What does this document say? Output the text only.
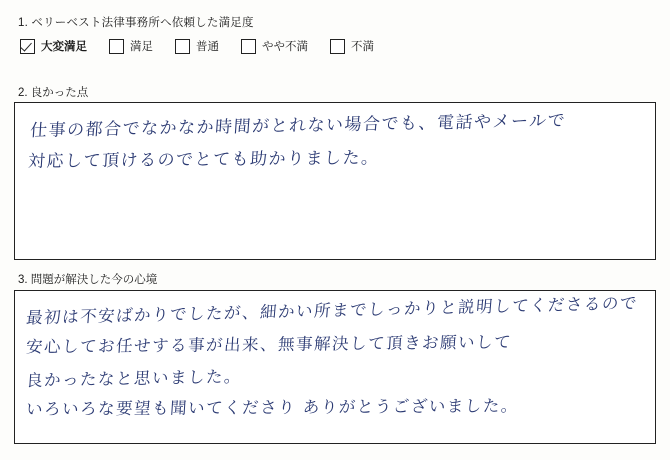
1. ベリーベスト法律事務所へ依頼した満足度
大変満足	満足	普通	やや不満	不満
2. 良かった点
仕事の都合でなかなか時間がとれない場合でも、電話やメールで
対応して頂けるのでとても助かりました。
3. 問題が解決した今の心境
最初は不安ばかりでしたが、細かい所までしっかりと説明してくださるので
安心してお任せする事が出来、無事解決して頂きお願いして
良かったなと思いました。
いろいろな要望も聞いてくださり ありがとうございました。
